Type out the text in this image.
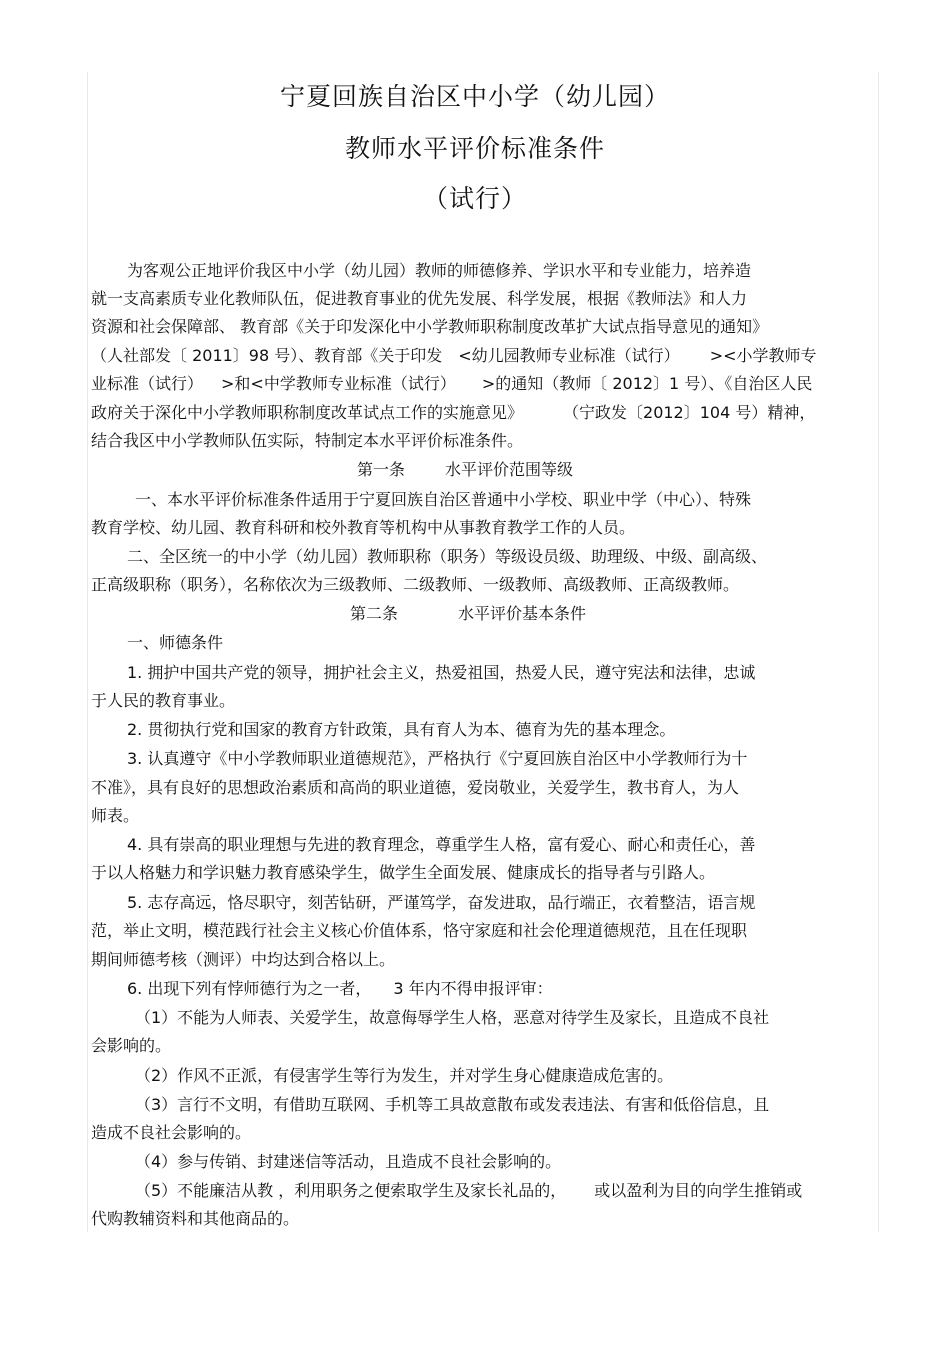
宁夏回族自治区中小学（幼儿园）
教师水平评价标准条件
（试行）
为客观公正地评价我区中小学（幼儿园）教师的师德修养、学识水平和专业能力，培养造
就一支高素质专业化教师队伍，促进教育事业的优先发展、科学发展，根据《教师法》和人力
资源和社会保障部、 教育部《关于印发深化中小学教师职称制度改革扩大试点指导意见的通知》
（人社部发〔 2011〕98 号）、教育部《关于印发 <幼儿园教师专业标准（试行） ><小学教师专
业标准（试行） >和<中学教师专业标准（试行） >的通知（教师〔 2012〕1 号）、《自治区人民
政府关于深化中小学教师职称制度改革试点工作的实施意见》	（宁政发〔2012〕104 号）精神，
结合我区中小学教师队伍实际，特制定本水平评价标准条件。
第一条	水平评价范围等级
一、本水平评价标准条件适用于宁夏回族自治区普通中小学校、职业中学（中心）、特殊
教育学校、幼儿园、教育科研和校外教育等机构中从事教育教学工作的人员。
二、全区统一的中小学（幼儿园）教师职称（职务）等级设员级、助理级、中级、副高级、
正高级职称（职务），名称依次为三级教师、二级教师、一级教师、高级教师、正高级教师。
第二条	水平评价基本条件
一、师德条件
1. 拥护中国共产党的领导，拥护社会主义，热爱祖国，热爱人民，遵守宪法和法律，忠诚
于人民的教育事业。
2. 贯彻执行党和国家的教育方针政策，具有育人为本、德育为先的基本理念。
3. 认真遵守《中小学教师职业道德规范》，严格执行《宁夏回族自治区中小学教师行为十
不准》，具有良好的思想政治素质和高尚的职业道德，爱岗敬业，关爱学生，教书育人，为人
师表。
4. 具有崇高的职业理想与先进的教育理念，尊重学生人格，富有爱心、耐心和责任心，善
于以人格魅力和学识魅力教育感染学生，做学生全面发展、健康成长的指导者与引路人。
5. 志存高远，恪尽职守，刻苦钻研，严谨笃学，奋发进取，品行端正，衣着整洁，语言规
范，举止文明，模范践行社会主义核心价值体系，恪守家庭和社会伦理道德规范，且在任现职
期间师德考核（测评）中均达到合格以上。
6. 出现下列有悖师德行为之一者， 3 年内不得申报评审：
（1）不能为人师表、关爱学生，故意侮辱学生人格，恶意对待学生及家长，且造成不良社
会影响的。
（2）作风不正派，有侵害学生等行为发生，并对学生身心健康造成危害的。
（3）言行不文明，有借助互联网、手机等工具故意散布或发表违法、有害和低俗信息，且
造成不良社会影响的。
（4）参与传销、封建迷信等活动，且造成不良社会影响的。
（5）不能廉洁从教 ，利用职务之便索取学生及家长礼品的， 或以盈利为目的向学生推销或
代购教辅资料和其他商品的。
